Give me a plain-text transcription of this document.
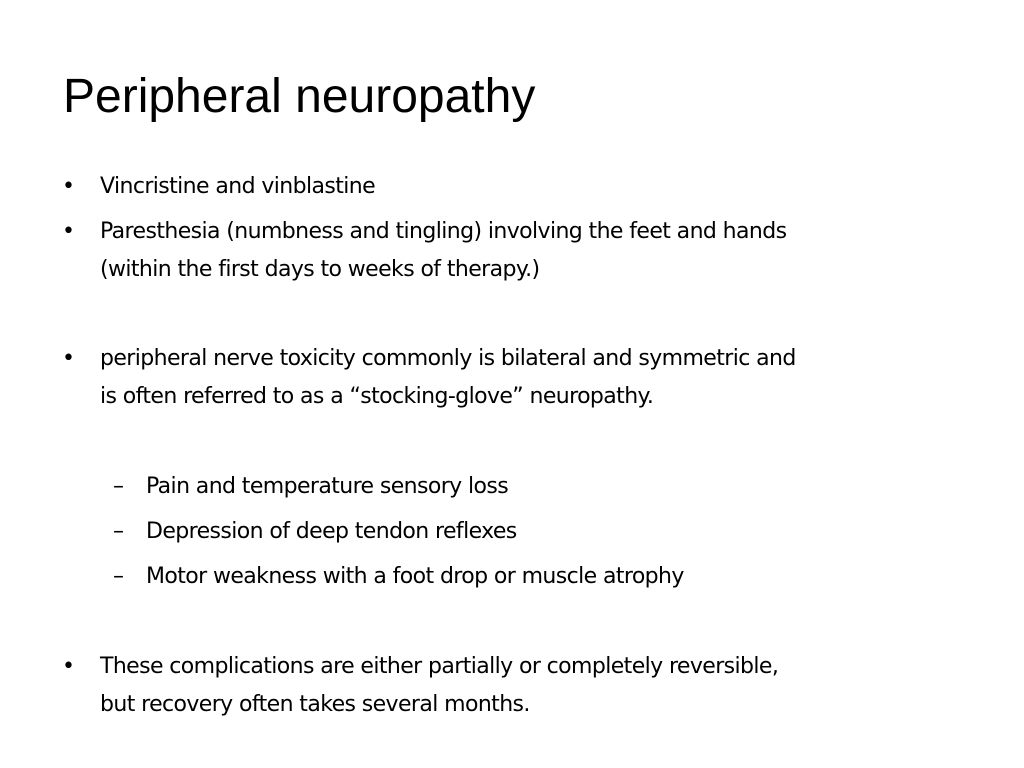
Peripheral neuropathy
• Vincristine and vinblastine
• Paresthesia (numbness and tingling) involving the feet and hands
(within the first days to weeks of therapy.)
• peripheral nerve toxicity commonly is bilateral and symmetric and
is often referred to as a “stocking-glove” neuropathy.
– Pain and temperature sensory loss
– Depression of deep tendon reflexes
– Motor weakness with a foot drop or muscle atrophy
• These complications are either partially or completely reversible,
but recovery often takes several months.
